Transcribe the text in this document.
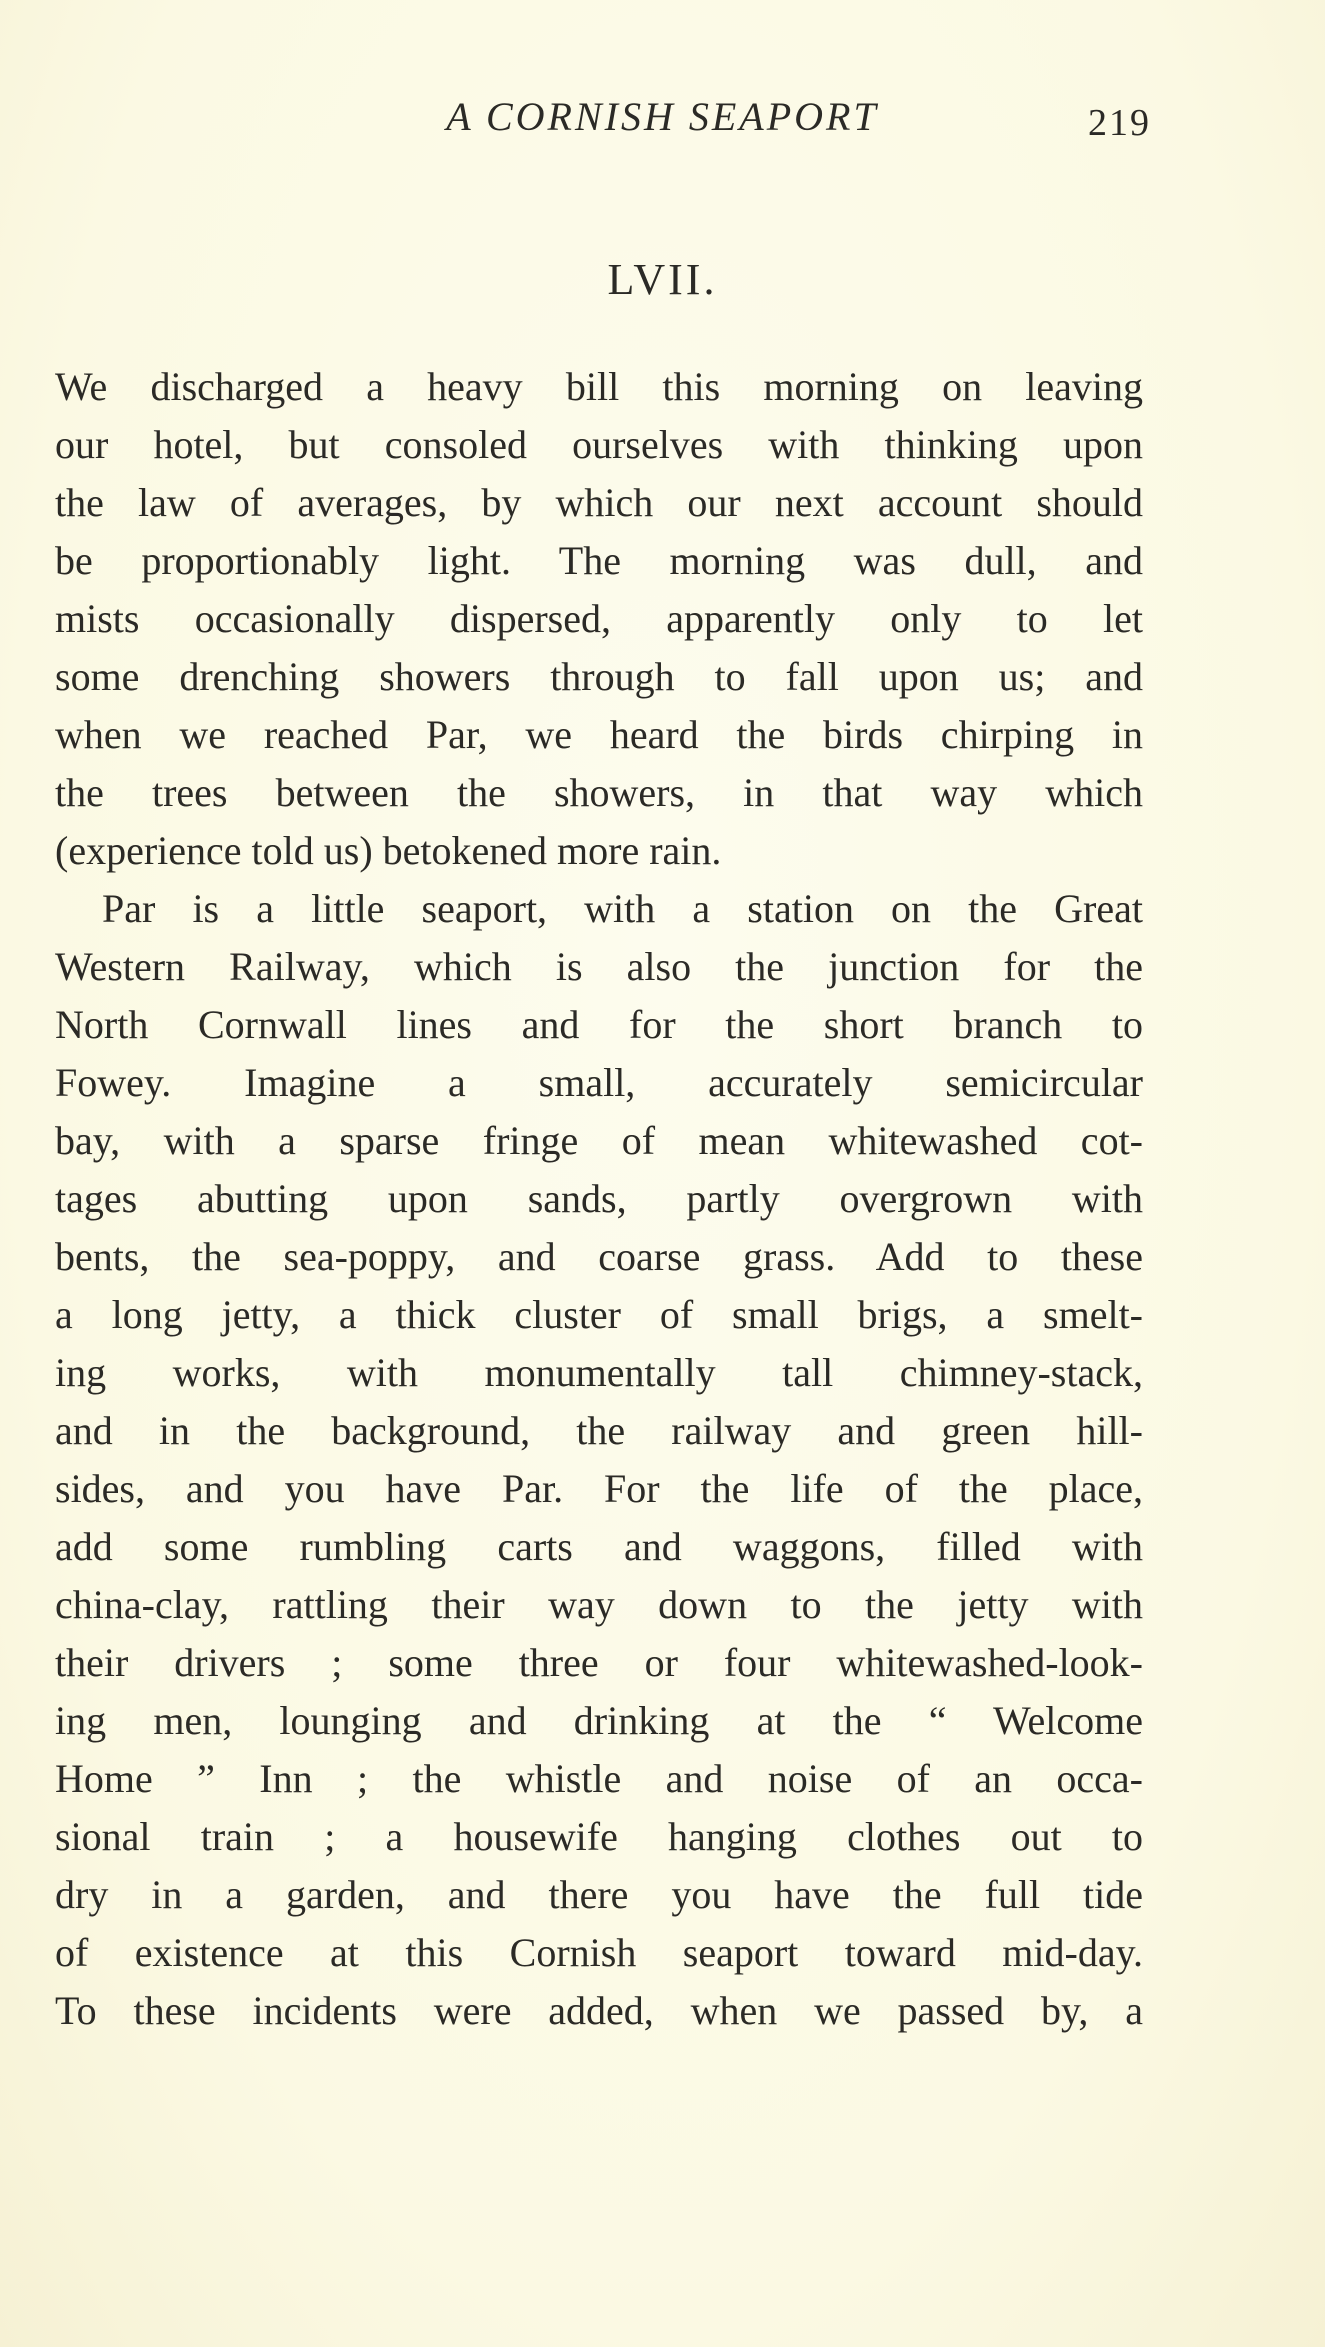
A CORNISH SEAPORT	219
LVII.
We discharged a heavy bill this morning on leaving
our hotel, but consoled ourselves with thinking upon
the law of averages, by which our next account should
be proportionably light. The morning was dull, and
mists occasionally dispersed, apparently only to let
some drenching showers through to fall upon us; and
when we reached Par, we heard the birds chirping in
the trees between the showers, in that way which
(experience told us) betokened more rain.
Par is a little seaport, with a station on the Great
Western Railway, which is also the junction for the
North Cornwall lines and for the short branch to
Fowey. Imagine a small, accurately semicircular
bay, with a sparse fringe of mean whitewashed cot-
tages abutting upon sands, partly overgrown with
bents, the sea-poppy, and coarse grass. Add to these
a long jetty, a thick cluster of small brigs, a smelt-
ing works, with monumentally tall chimney-stack,
and in the background, the railway and green hill-
sides, and you have Par. For the life of the place,
add some rumbling carts and waggons, filled with
china-clay, rattling their way down to the jetty with
their drivers ; some three or four whitewashed-look-
ing men, lounging and drinking at the “ Welcome
Home ” Inn ; the whistle and noise of an occa-
sional train ; a housewife hanging clothes out to
dry in a garden, and there you have the full tide
of existence at this Cornish seaport toward mid-day.
To these incidents were added, when we passed by, a
